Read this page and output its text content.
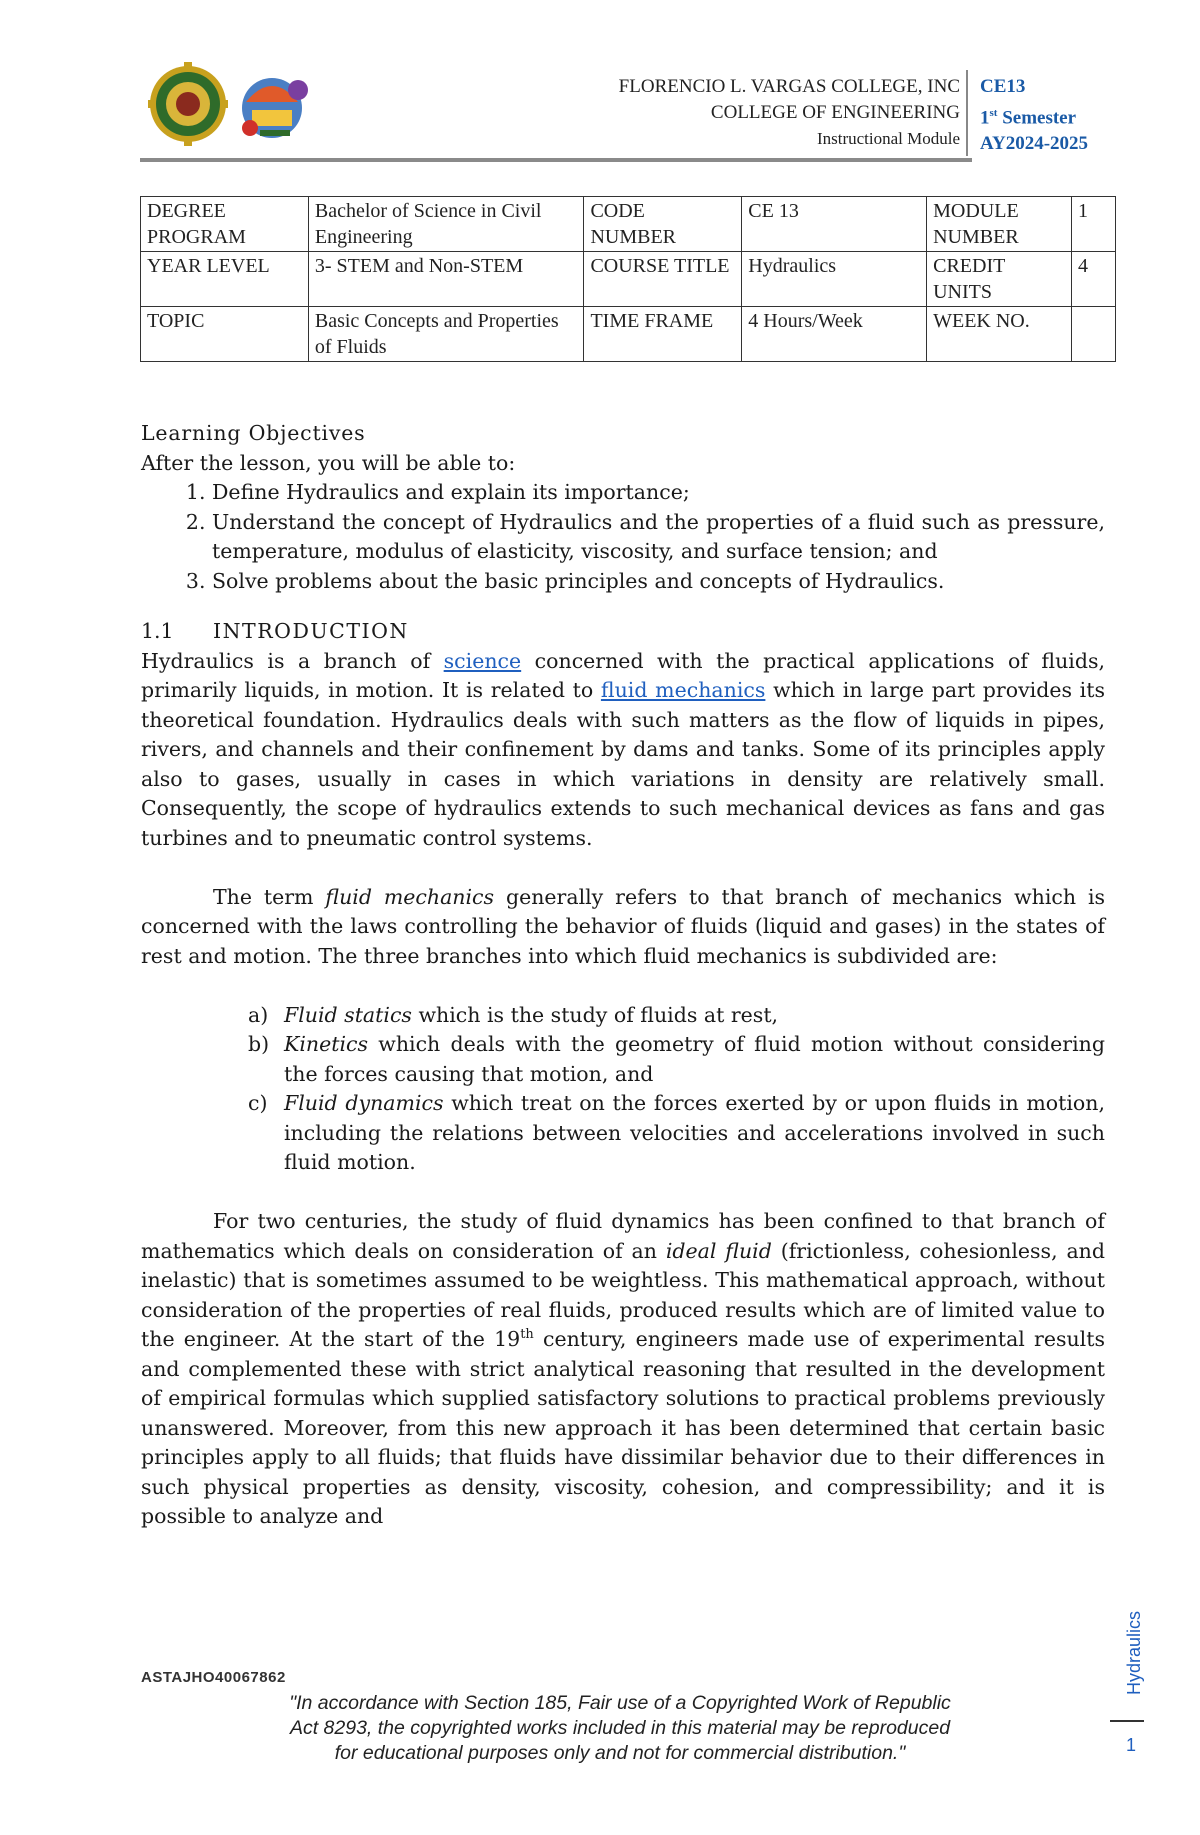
FLORENCIO L. VARGAS COLLEGE, INC
COLLEGE OF ENGINEERING
Instructional Module
CE13
1st Semester
AY2024-2025
DEGREE PROGRAM	Bachelor of Science in Civil Engineering	CODE NUMBER	CE 13	MODULE NUMBER	1
YEAR LEVEL	3- STEM and Non-STEM	COURSE TITLE	Hydraulics	CREDIT UNITS	4
TOPIC	Basic Concepts and Properties of Fluids	TIME FRAME	4 Hours/Week	WEEK NO.	

Learning Objectives

After the lesson, you will be able to:

1. Define Hydraulics and explain its importance;
2. Understand the concept of Hydraulics and the properties of a fluid such as pressure, temperature, modulus of elasticity, viscosity, and surface tension; and
3. Solve problems about the basic principles and concepts of Hydraulics.

1.1 INTRODUCTION

Hydraulics is a branch of science concerned with the practical applications of fluids, primarily liquids, in motion. It is related to fluid mechanics which in large part provides its theoretical foundation. Hydraulics deals with such matters as the flow of liquids in pipes, rivers, and channels and their confinement by dams and tanks. Some of its principles apply also to gases, usually in cases in which variations in density are relatively small. Consequently, the scope of hydraulics extends to such mechanical devices as fans and gas turbines and to pneumatic control systems.

The term fluid mechanics generally refers to that branch of mechanics which is concerned with the laws controlling the behavior of fluids (liquid and gases) in the states of rest and motion. The three branches into which fluid mechanics is subdivided are:

a) Fluid statics which is the study of fluids at rest,
b) Kinetics which deals with the geometry of fluid motion without considering the forces causing that motion, and
c) Fluid dynamics which treat on the forces exerted by or upon fluids in motion, including the relations between velocities and accelerations involved in such fluid motion.

For two centuries, the study of fluid dynamics has been confined to that branch of mathematics which deals on consideration of an ideal fluid (frictionless, cohesionless, and inelastic) that is sometimes assumed to be weightless. This mathematical approach, without consideration of the properties of real fluids, produced results which are of limited value to the engineer. At the start of the 19th century, engineers made use of experimental results and complemented these with strict analytical reasoning that resulted in the development of empirical formulas which supplied satisfactory solutions to practical problems previously unanswered. Moreover, from this new approach it has been determined that certain basic principles apply to all fluids; that fluids have dissimilar behavior due to their differences in such physical properties as density, viscosity, cohesion, and compressibility; and it is possible to analyze and

ASTAJHO40067862
"In accordance with Section 185, Fair use of a Copyrighted Work of Republic
Act 8293, the copyrighted works included in this material may be reproduced
for educational purposes only and not for commercial distribution."
Hydraulics
1
